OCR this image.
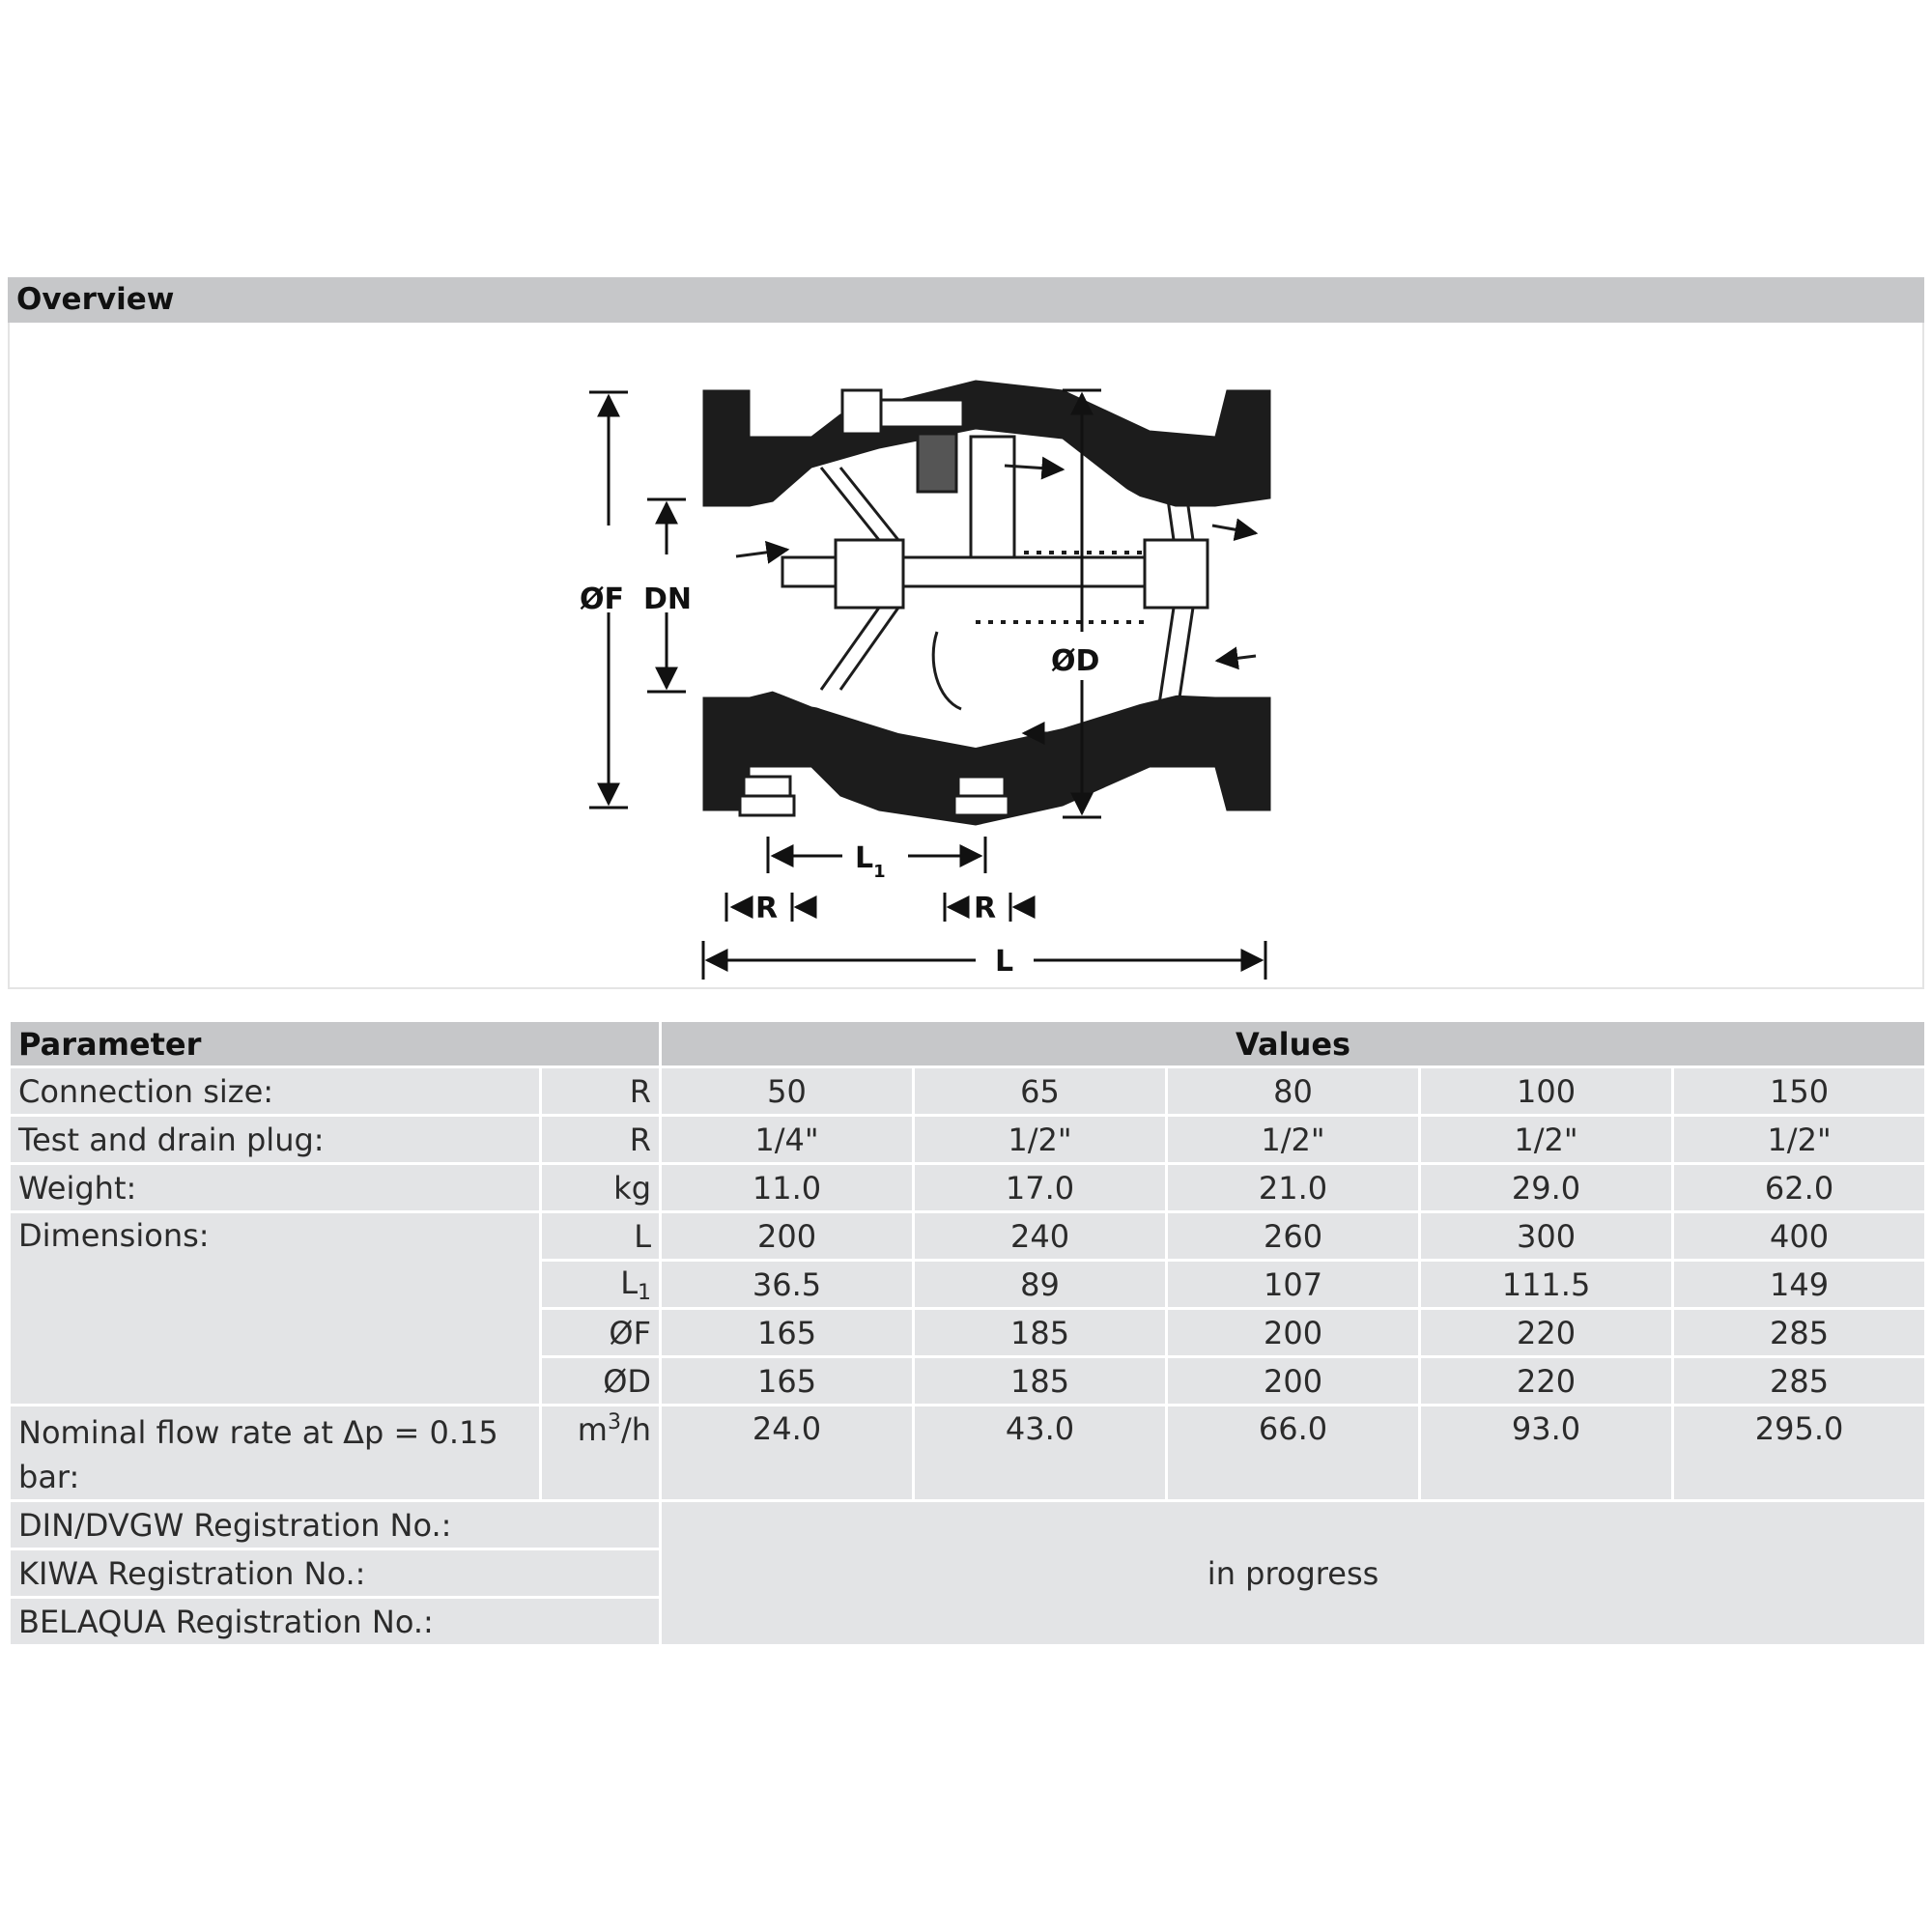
Overview
ØF DN
ØD
$L_1$
R	R
L
Parameter		Values				
Connection size:	R	50	65	80	100	150
Test and drain plug:	R	1/4"	1/2"	1/2"	1/2"	1/2"
Weight:	kg	11.0	17.0	21.0	29.0	62.0
Dimensions:	L	200	240	260	300	400
	L1	36.5	89	107	111.5	149
	ØF	165	185	200	220	285
	ØD	165	185	200	220	285
Nominal flow rate at Δp = 0.15 bar:	$m^3/h$	24.0	43.0	66.0	93.0	295.0
DIN/DVGW Registration No.:		in progress				
KIWA Registration No.:						
BELAQUA Registration No.:						
